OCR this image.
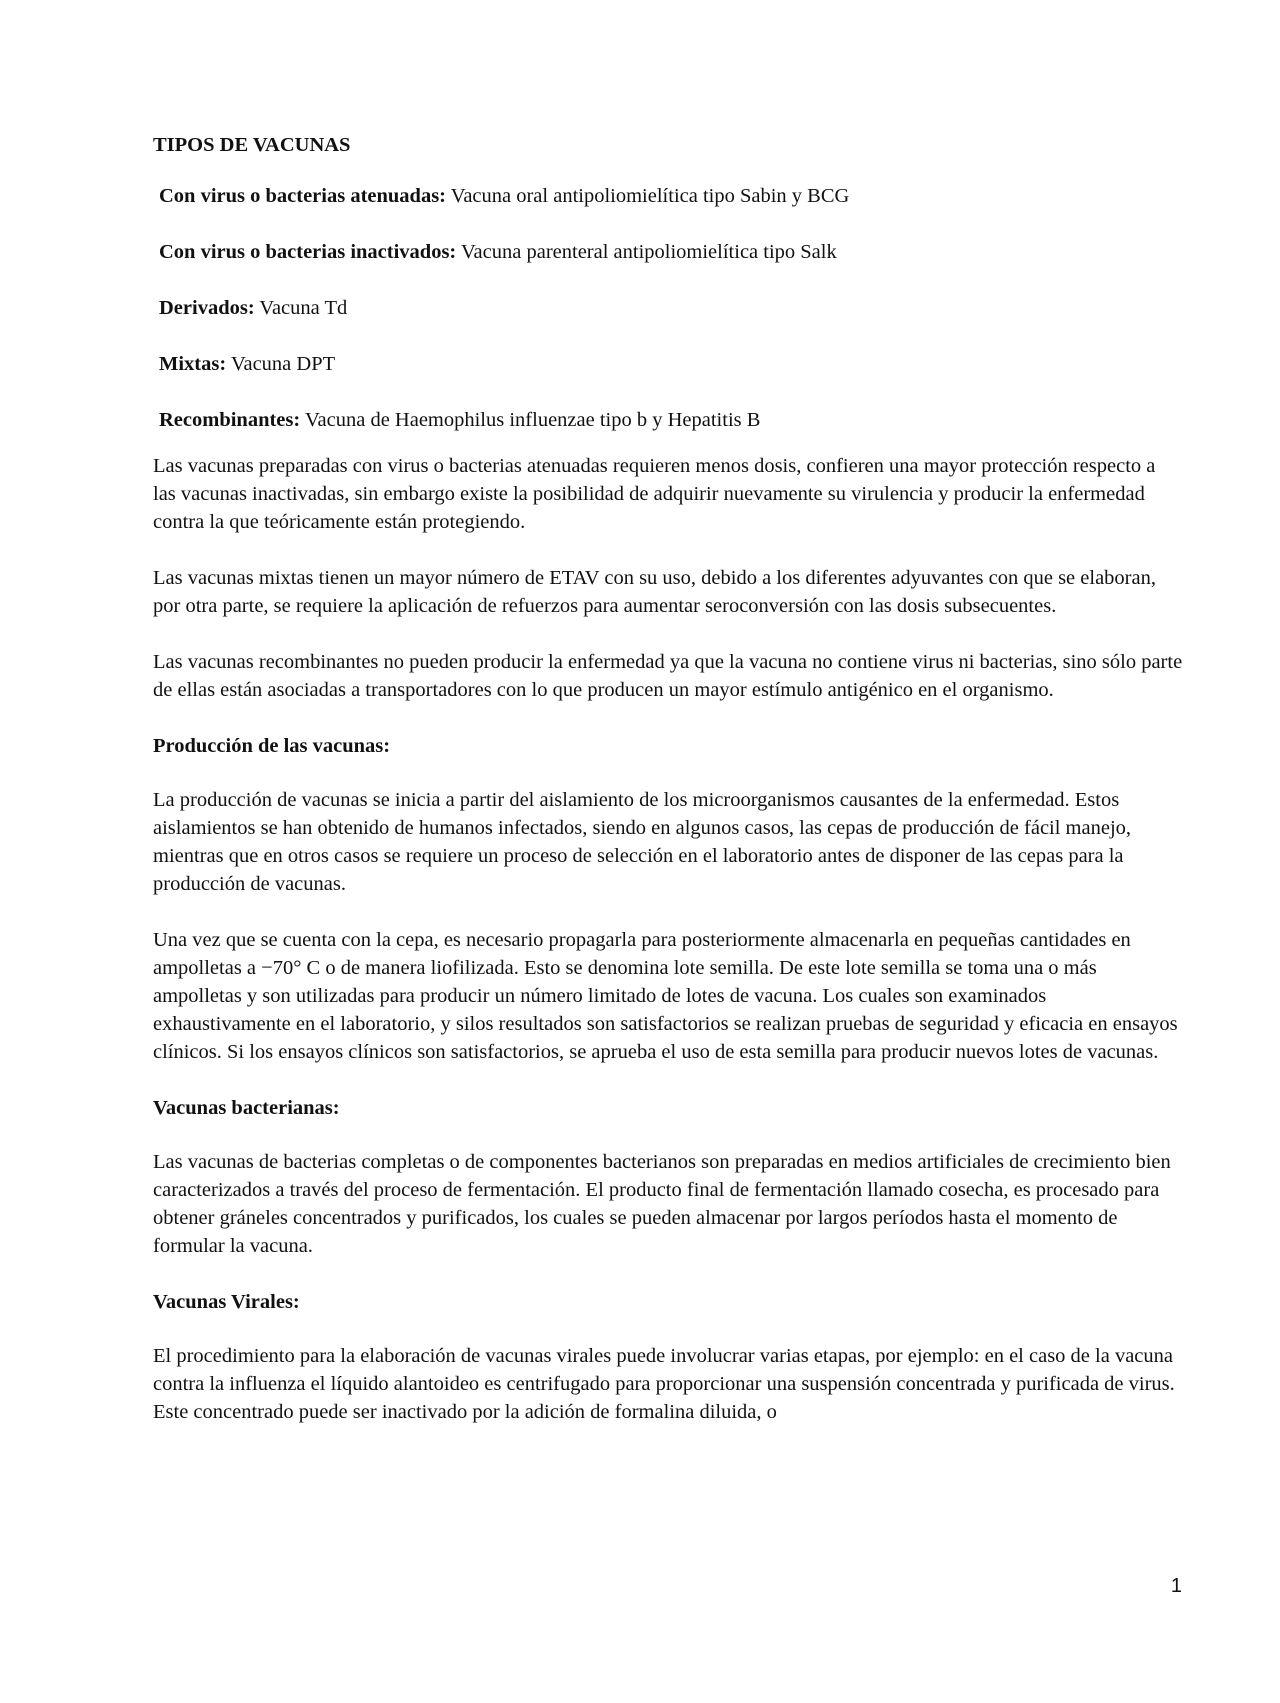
TIPOS DE VACUNAS
Con virus o bacterias atenuadas: Vacuna oral antipoliomielítica tipo Sabin y BCG
Con virus o bacterias inactivados: Vacuna parenteral antipoliomielítica tipo Salk
Derivados: Vacuna Td
Mixtas: Vacuna DPT
Recombinantes: Vacuna de Haemophilus influenzae tipo b y Hepatitis B

Las vacunas preparadas con virus o bacterias atenuadas requieren menos dosis, confieren una mayor protección respecto a las vacunas inactivadas, sin embargo existe la posibilidad de adquirir nuevamente su virulencia y producir la enfermedad contra la que teóricamente están protegiendo.

Las vacunas mixtas tienen un mayor número de ETAV con su uso, debido a los diferentes adyuvantes con que se elaboran, por otra parte, se requiere la aplicación de refuerzos para aumentar seroconversión con las dosis subsecuentes.

Las vacunas recombinantes no pueden producir la enfermedad ya que la vacuna no contiene virus ni bacterias, sino sólo parte de ellas están asociadas a transportadores con lo que producen un mayor estímulo antigénico en el organismo.

Producción de las vacunas:

La producción de vacunas se inicia a partir del aislamiento de los microorganismos causantes de la enfermedad. Estos aislamientos se han obtenido de humanos infectados, siendo en algunos casos, las cepas de producción de fácil manejo, mientras que en otros casos se requiere un proceso de selección en el laboratorio antes de disponer de las cepas para la producción de vacunas.

Una vez que se cuenta con la cepa, es necesario propagarla para posteriormente almacenarla en pequeñas cantidades en ampolletas a −70° C o de manera liofilizada. Esto se denomina lote semilla. De este lote semilla se toma una o más ampolletas y son utilizadas para producir un número limitado de lotes de vacuna. Los cuales son examinados exhaustivamente en el laboratorio, y silos resultados son satisfactorios se realizan pruebas de seguridad y eficacia en ensayos clínicos. Si los ensayos clínicos son satisfactorios, se aprueba el uso de esta semilla para producir nuevos lotes de vacunas.

Vacunas bacterianas:

Las vacunas de bacterias completas o de componentes bacterianos son preparadas en medios artificiales de crecimiento bien caracterizados a través del proceso de fermentación. El producto final de fermentación llamado cosecha, es procesado para obtener gráneles concentrados y purificados, los cuales se pueden almacenar por largos períodos hasta el momento de formular la vacuna.

Vacunas Virales:

El procedimiento para la elaboración de vacunas virales puede involucrar varias etapas, por ejemplo: en el caso de la vacuna contra la influenza el líquido alantoideo es centrifugado para proporcionar una suspensión concentrada y purificada de virus. Este concentrado puede ser inactivado por la adición de formalina diluida, o

1
